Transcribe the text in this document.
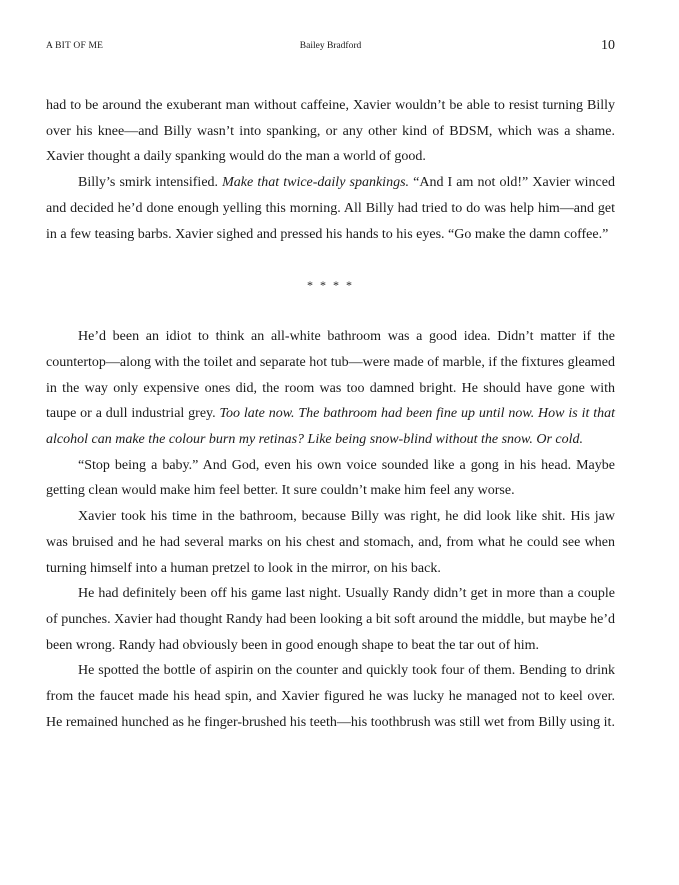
A BIT OF ME	Bailey Bradford	10

had to be around the exuberant man without caffeine, Xavier wouldn’t be able to resist turning Billy over his knee—and Billy wasn’t into spanking, or any other kind of BDSM, which was a shame. Xavier thought a daily spanking would do the man a world of good.

Billy’s smirk intensified. Make that twice-daily spankings. “And I am not old!” Xavier winced and decided he’d done enough yelling this morning. All Billy had tried to do was help him—and get in a few teasing barbs. Xavier sighed and pressed his hands to his eyes. “Go make the damn coffee.”

* * * *

He’d been an idiot to think an all-white bathroom was a good idea. Didn’t matter if the countertop—along with the toilet and separate hot tub—were made of marble, if the fixtures gleamed in the way only expensive ones did, the room was too damned bright. He should have gone with taupe or a dull industrial grey. Too late now. The bathroom had been fine up until now. How is it that alcohol can make the colour burn my retinas? Like being snow-blind without the snow. Or cold.

“Stop being a baby.” And God, even his own voice sounded like a gong in his head. Maybe getting clean would make him feel better. It sure couldn’t make him feel any worse.

Xavier took his time in the bathroom, because Billy was right, he did look like shit. His jaw was bruised and he had several marks on his chest and stomach, and, from what he could see when turning himself into a human pretzel to look in the mirror, on his back.

He had definitely been off his game last night. Usually Randy didn’t get in more than a couple of punches. Xavier had thought Randy had been looking a bit soft around the middle, but maybe he’d been wrong. Randy had obviously been in good enough shape to beat the tar out of him.

He spotted the bottle of aspirin on the counter and quickly took four of them. Bending to drink from the faucet made his head spin, and Xavier figured he was lucky he managed not to keel over. He remained hunched as he finger-brushed his teeth—his toothbrush was still wet from Billy using it.
